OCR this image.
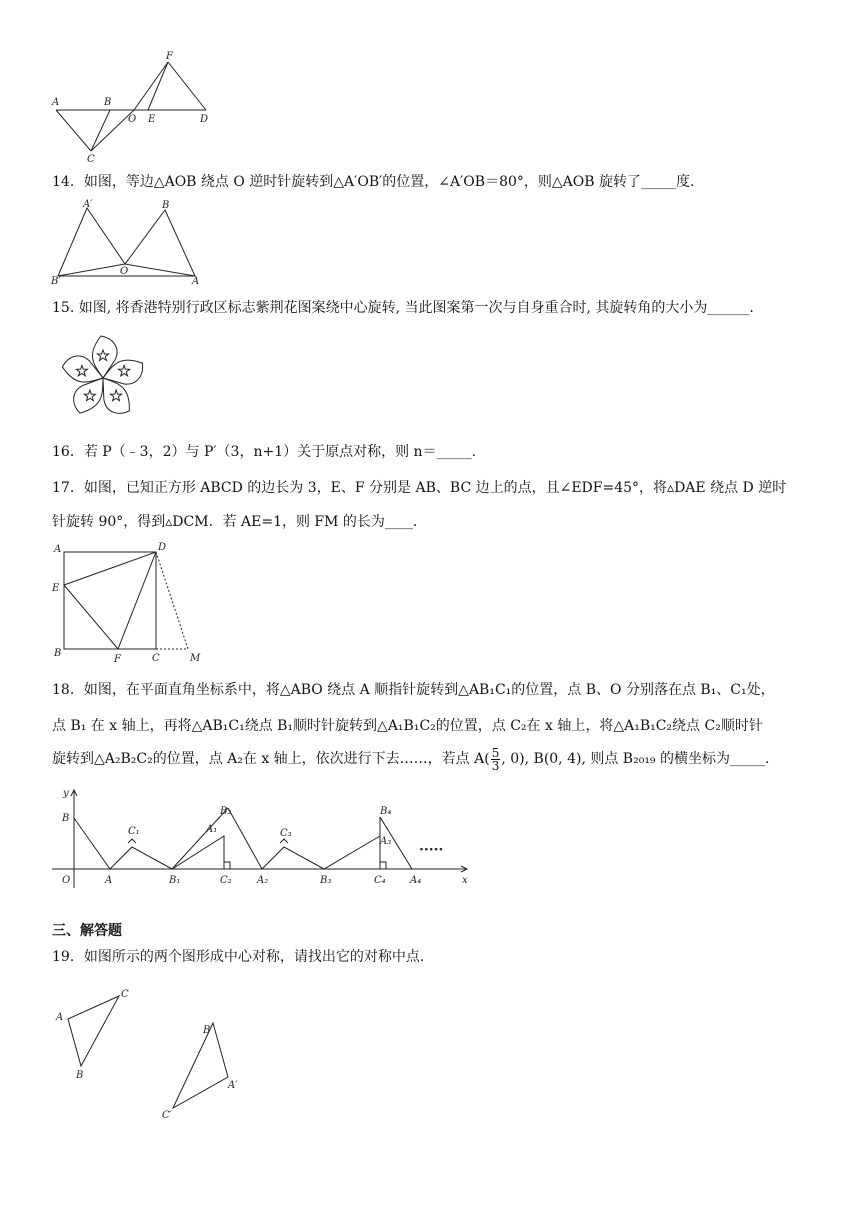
A	B
O E	D
F
C
14．如图，等边△AOB 绕点 O 逆时针旋转到△A′OB′的位置，∠A′OB＝80°，则△AOB 旋转了_____度.
A′	B
B′
O
A
15. 如图, 将香港特别行政区标志紫荆花图案绕中心旋转, 当此图案第一次与自身重合时, 其旋转角的大小为______.
16．若 P（﹣3，2）与 P′（3，n+1）关于原点对称，则 n＝_____.
17．如图，已知正方形 ABCD 的边长为 3，E、F 分别是 AB、BC 边上的点，且∠EDF=45°，将▵DAE 绕点 D 逆时
针旋转 90°，得到▵DCM．若 AE=1，则 FM 的长为____.
A	D
E
B
F	C	M
18．如图，在平面直角坐标系中，将△ABO 绕点 A 顺指针旋转到△AB₁C₁的位置，点 B、O 分别落在点 B₁、C₁处，
点 B₁ 在 x 轴上，再将△AB₁C₁绕点 B₁顺时针旋转到△A₁B₁C₂的位置，点 C₂在 x 轴上，将△A₁B₁C₂绕点 C₂顺时针
旋转到△A₂B₂C₂的位置，点 A₂在 x 轴上，依次进行下去……，若点 $A( \frac{5}{3}$ , 0), B(0, 4), 则点 B₂₀₁₉ 的横坐标为_____.
y
B
O	A
C₁
B₁
A₁
B₂
C₂	A₂
C₃
B₃
B₄
A₃
C₄ A₄
·····
x
三、解答题
19．如图所示的两个图形成中心对称，请找出它的对称中点.
A
C
B
B′
A′
C′
